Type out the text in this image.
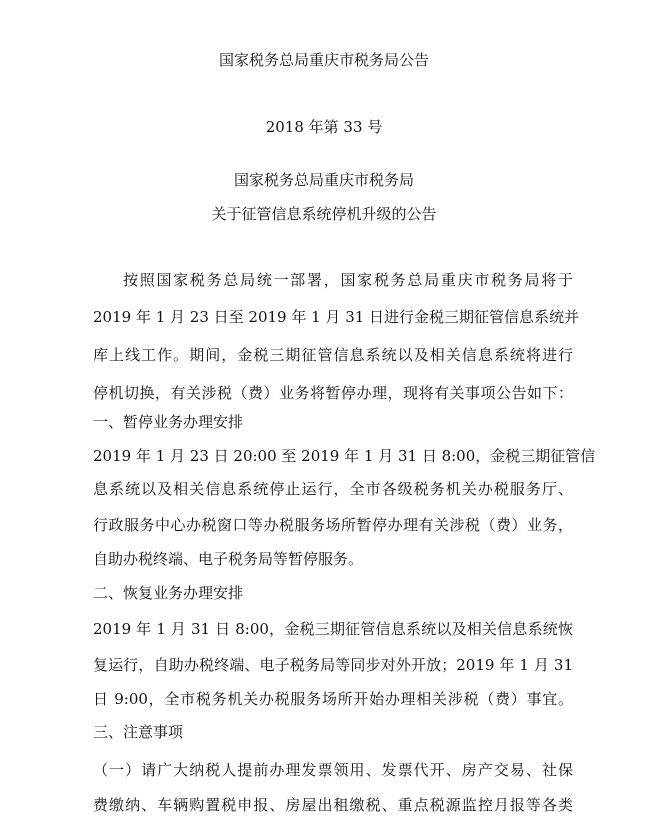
国家税务总局重庆市税务局公告
2018 年第 33 号
国家税务总局重庆市税务局
关于征管信息系统停机升级的公告
按照国家税务总局统一部署，国家税务总局重庆市税务局将于
2019 年 1 月 23 日至 2019 年 1 月 31 日进行金税三期征管信息系统并
库上线工作。期间，金税三期征管信息系统以及相关信息系统将进行
停机切换，有关涉税（费）业务将暂停办理，现将有关事项公告如下：
一、暂停业务办理安排
2019 年 1 月 23 日 20:00 至 2019 年 1 月 31 日 8:00，金税三期征管信
息系统以及相关信息系统停止运行，全市各级税务机关办税服务厅、
行政服务中心办税窗口等办税服务场所暂停办理有关涉税（费）业务，
自助办税终端、电子税务局等暂停服务。
二、恢复业务办理安排
2019 年 1 月 31 日 8:00，金税三期征管信息系统以及相关信息系统恢
复运行，自助办税终端、电子税务局等同步对外开放；2019 年 1 月 31
日 9:00，全市税务机关办税服务场所开始办理相关涉税（费）事宜。
三、注意事项
（一）请广大纳税人提前办理发票领用、发票代开、房产交易、社保
费缴纳、车辆购置税申报、房屋出租缴税、重点税源监控月报等各类
